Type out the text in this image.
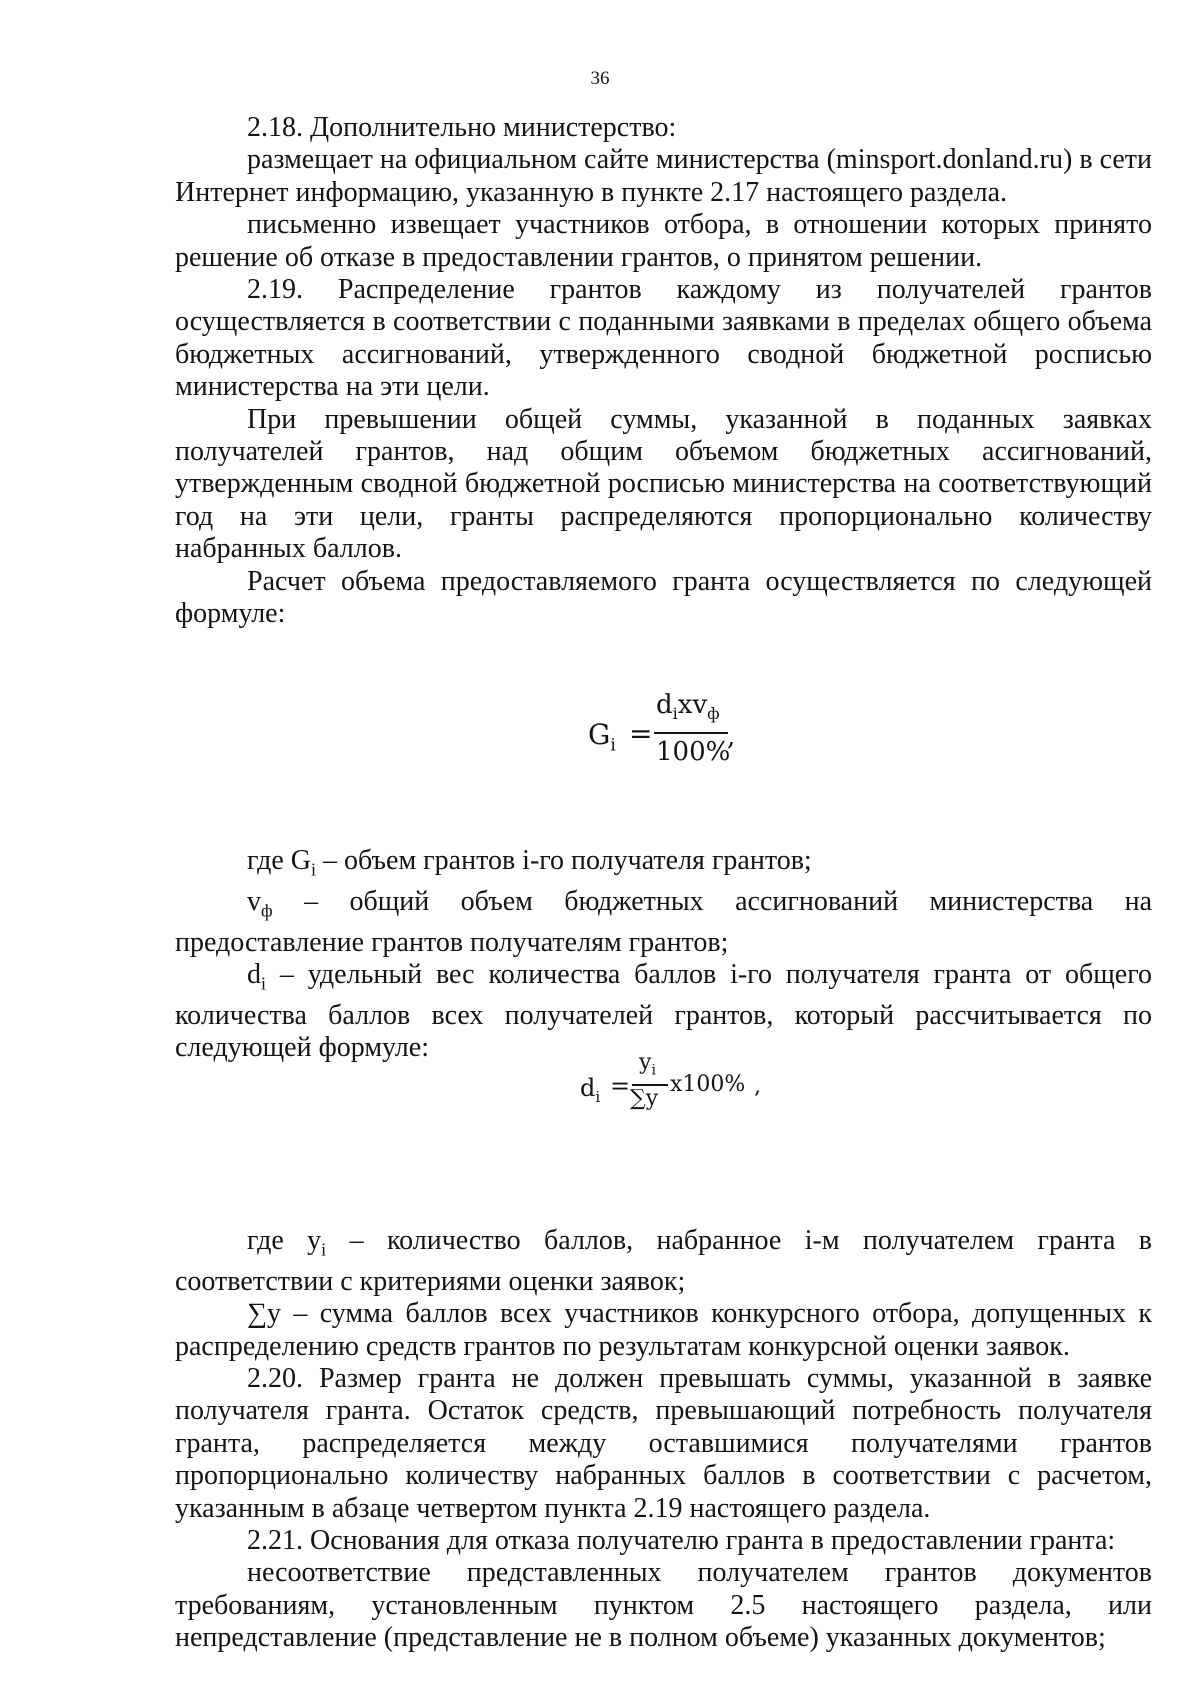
36

2.18. Дополнительно министерство:

размещает на официальном сайте министерства (minsport.donland.ru) в сети Интернет информацию, указанную в пункте 2.17 настоящего раздела.

письменно извещает участников отбора, в отношении которых принято решение об отказе в предоставлении грантов, о принятом решении.

2.19. Распределение грантов каждому из получателей грантов осуществляется в соответствии с поданными заявками в пределах общего объема бюджетных ассигнований, утвержденного сводной бюджетной росписью министерства на эти цели.

При превышении общей суммы, указанной в поданных заявках получателей грантов, над общим объемом бюджетных ассигнований, утвержденным сводной бюджетной росписью министерства на соответствующий год на эти цели, гранты распределяются пропорционально количеству набранных баллов.

Расчет объема предоставляемого гранта осуществляется по следующей формуле:

где $G_i$ – объем грантов i-го получателя грантов;

$v_ф$ – общий объем бюджетных ассигнований министерства на предоставление грантов получателям грантов;

$d_i$ – удельный вес количества баллов i-го получателя гранта от общего количества баллов всех получателей грантов, который рассчитывается по следующей формуле:

где $y_i$ – количество баллов, набранное i-м получателем гранта в соответствии с критериями оценки заявок;

∑y – сумма баллов всех участников конкурсного отбора, допущенных к распределению средств грантов по результатам конкурсной оценки заявок.

2.20. Размер гранта не должен превышать суммы, указанной в заявке получателя гранта. Остаток средств, превышающий потребность получателя гранта, распределяется между оставшимися получателями грантов пропорционально количеству набранных баллов в соответствии с расчетом, указанным в абзаце четвертом пункта 2.19 настоящего раздела.

2.21. Основания для отказа получателю гранта в предоставлении гранта:

несоответствие представленных получателем грантов документов требованиям, установленным пунктом 2.5 настоящего раздела, или непредставление (представление не в полном объеме) указанных документов;

$G_i$ =
$d_ixv_ф$
100%
,
$d_i$ =
$y_i$
∑y
x100% ,
